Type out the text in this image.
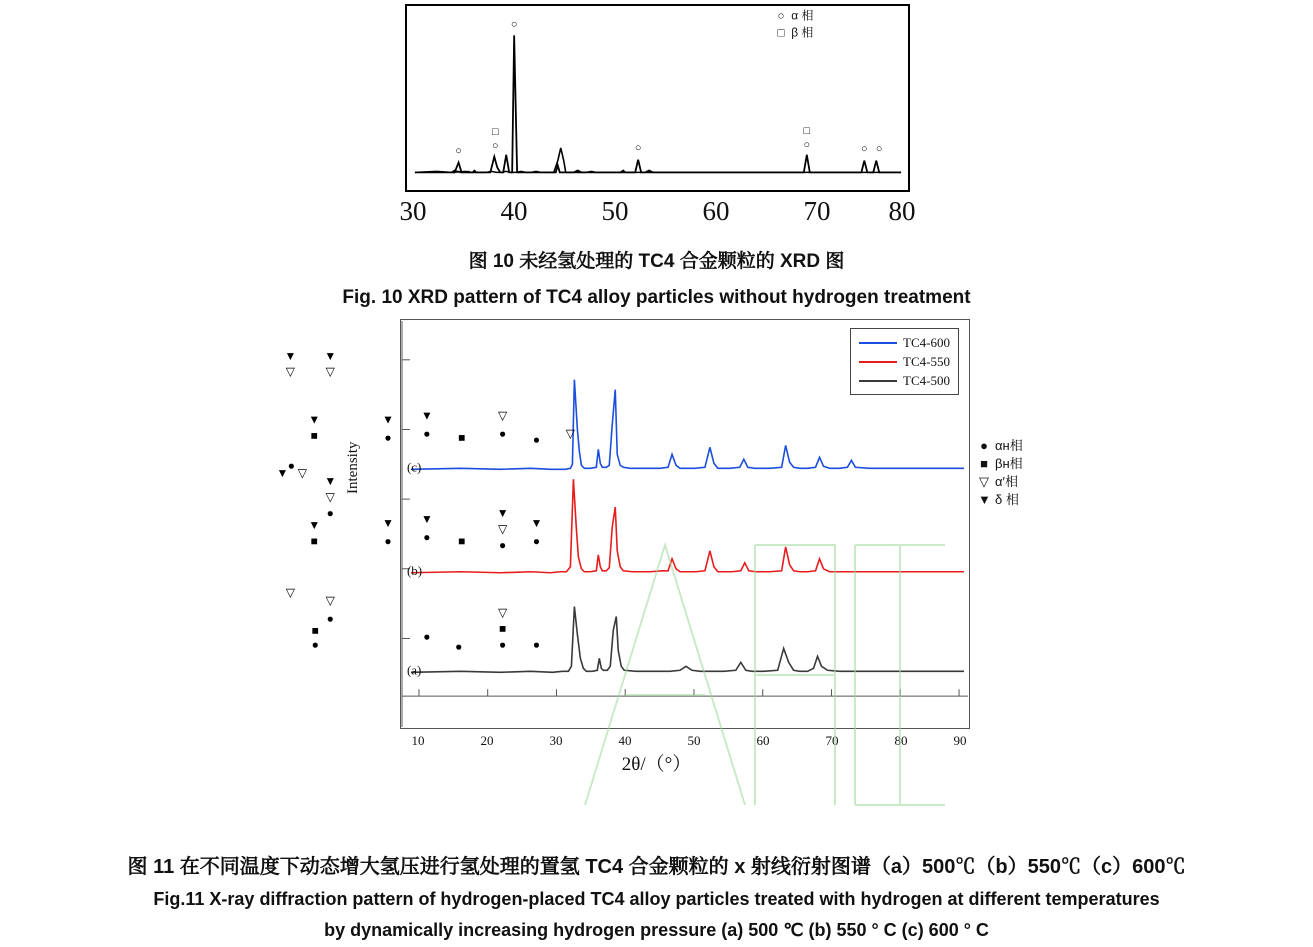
○ α 相
□ β 相
○
□
○
○
○
□
○	○ ○
30	40	50	60	70 80
图 10 未经氢处理的 TC4 合金颗粒的 XRD 图
Fig. 10 XRD pattern of TC4 alloy particles without hydrogen treatment
Intensity
▼
▽
▼
▽
▼
■
▼
●
▼
● ■
▽
● ● ▽
▼ ▽
●
▼
▽
●
▼
■
▼
●
▼
● ■
▼
▽
●
▼
●
▽
▽
●
■
●
●
●
▽
■
● ●
(c)
(b)
(a)
TC4-600
TC4-550
TC4-500
● αн相
■ βн相
▽ α′相
▼ δ 相
10	20	30	40	50	60	70	80	90
2θ/（°）
图 11 在不同温度下动态增大氢压进行氢处理的置氢 TC4 合金颗粒的 x 射线衍射图谱（a）500℃（b）550℃（c）600℃
Fig.11 X-ray diffraction pattern of hydrogen-placed TC4 alloy particles treated with hydrogen at different temperatures
by dynamically increasing hydrogen pressure (a) 500 ℃ (b) 550 ° C (c) 600 ° C
